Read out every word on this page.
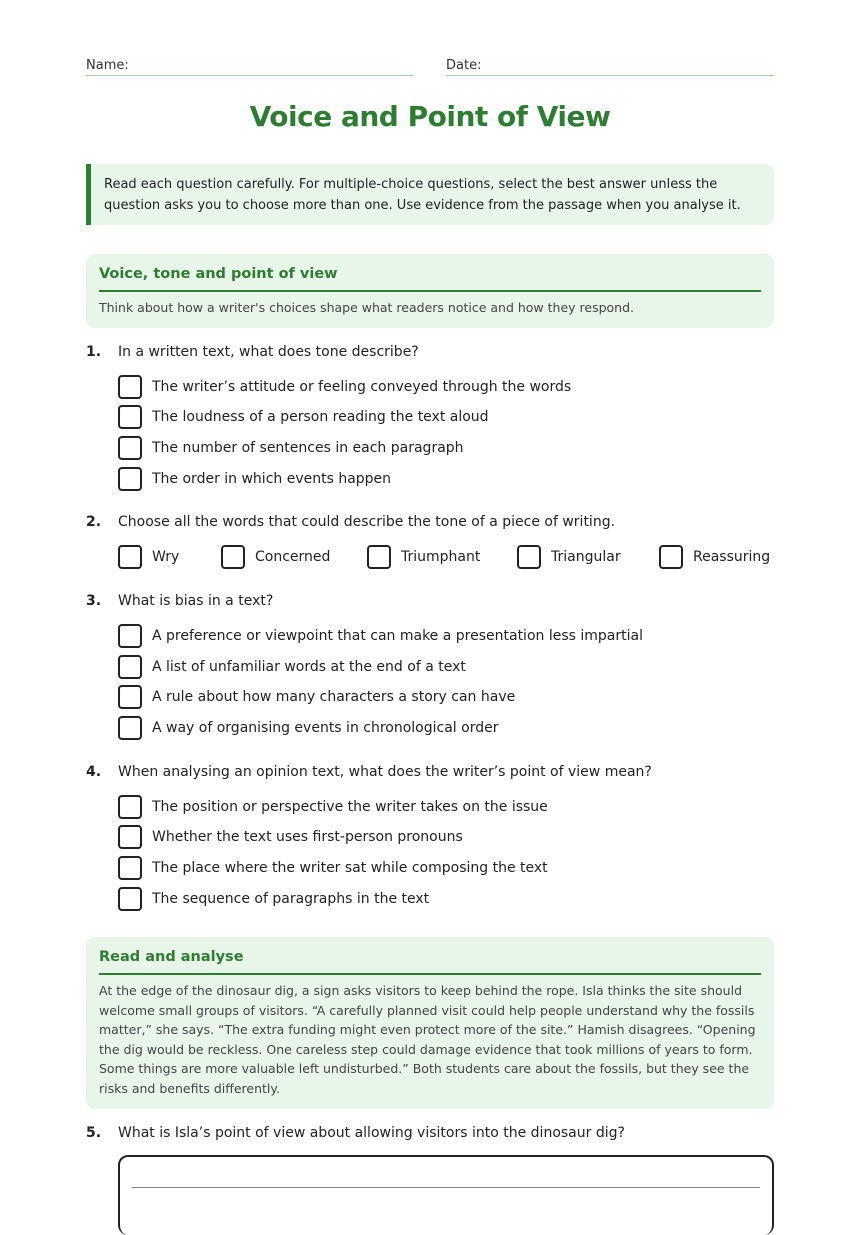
Name:	Date:
Voice and Point of View
Read each question carefully. For multiple-choice questions, select the best answer unless the question asks you to choose more than one. Use evidence from the passage when you analyse it.
Voice, tone and point of view
Think about how a writer's choices shape what readers notice and how they respond.
1. In a written text, what does tone describe?
The writer’s attitude or feeling conveyed through the words
The loudness of a person reading the text aloud
The number of sentences in each paragraph
The order in which events happen
2. Choose all the words that could describe the tone of a piece of writing.
Wry	Concerned	Triumphant	Triangular	Reassuring
3. What is bias in a text?
A preference or viewpoint that can make a presentation less impartial
A list of unfamiliar words at the end of a text
A rule about how many characters a story can have
A way of organising events in chronological order
4. When analysing an opinion text, what does the writer’s point of view mean?
The position or perspective the writer takes on the issue
Whether the text uses first-person pronouns
The place where the writer sat while composing the text
The sequence of paragraphs in the text
Read and analyse
At the edge of the dinosaur dig, a sign asks visitors to keep behind the rope. Isla thinks the site should welcome small groups of visitors. “A carefully planned visit could help people understand why the fossils matter,” she says. “The extra funding might even protect more of the site.” Hamish disagrees. “Opening the dig would be reckless. One careless step could damage evidence that took millions of years to form. Some things are more valuable left undisturbed.” Both students care about the fossils, but they see the risks and benefits differently.
5. What is Isla’s point of view about allowing visitors into the dinosaur dig?
